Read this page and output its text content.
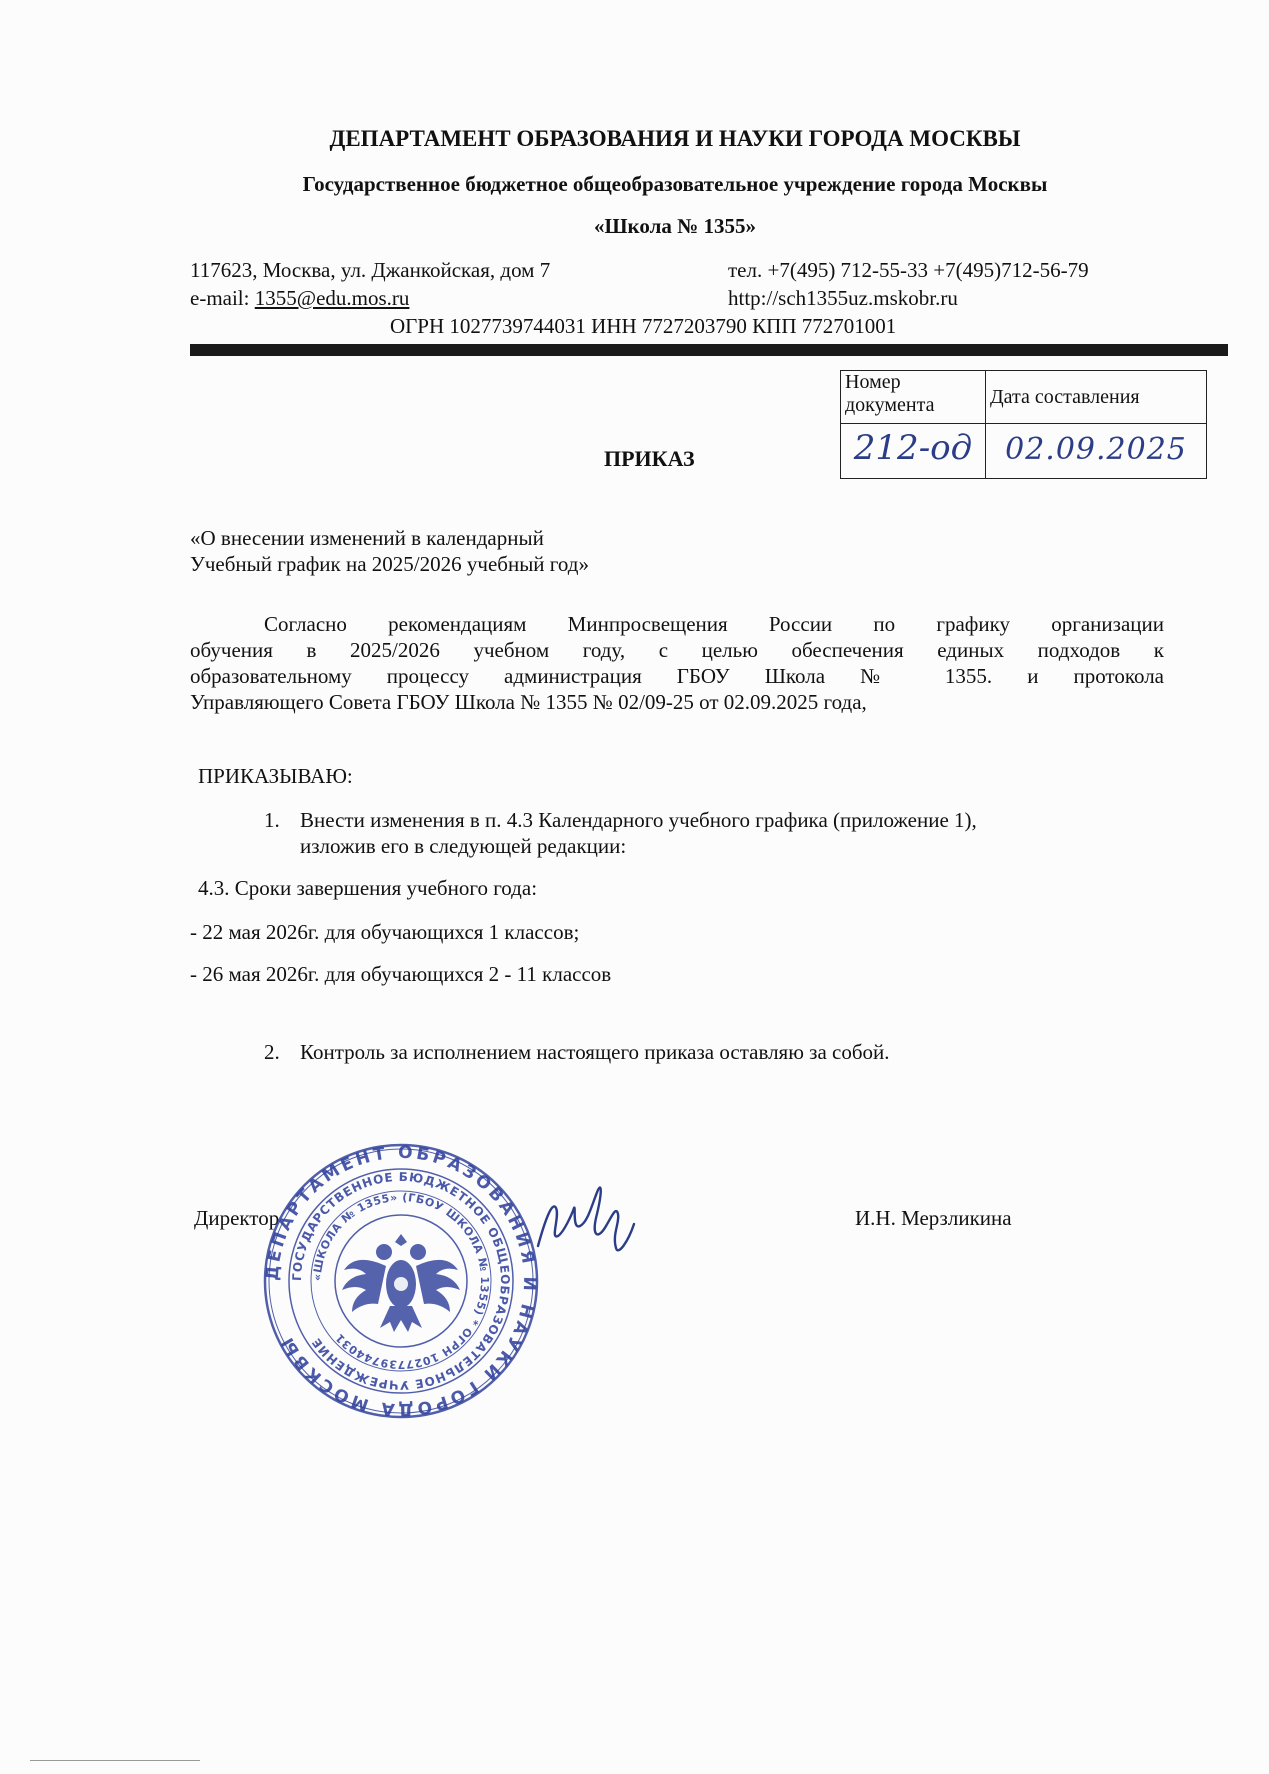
ДЕПАРТАМЕНТ ОБРАЗОВАНИЯ И НАУКИ ГОРОДА МОСКВЫ
Государственное бюджетное общеобразовательное учреждение города Москвы
«Школа № 1355»
117623, Москва, ул. Джанкойская, дом 7	тел. +7(495) 712-55-33 +7(495)712-56-79
e-mail: 1355@edu.mos.ru	http://sch1355uz.mskobr.ru
ОГРН 1027739744031 ИНН 7727203790 КПП 772701001
Номер документа	Дата составления
212-од	02.09.2025
ПРИКАЗ
«О внесении изменений в календарный
Учебный график на 2025/2026 учебный год»
Согласно рекомендациям Минпросвещения России по графику организации
обучения в 2025/2026 учебном году, с целью обеспечения единых подходов к
образовательному процессу администрация ГБОУ Школа № 1355. и протокола
Управляющего Совета ГБОУ Школа № 1355 № 02/09-25 от 02.09.2025 года,
ПРИКАЗЫВАЮ:
1. Внести изменения в п. 4.3 Календарного учебного графика (приложение 1),
изложив его в следующей редакции:
4.3. Сроки завершения учебного года:
- 22 мая 2026г. для обучающихся 1 классов;
- 26 мая 2026г. для обучающихся 2 - 11 классов
2. Контроль за исполнением настоящего приказа оставляю за собой.
Директор	И.Н. Мерзликина
ДЕПАРТАМЕНТ ОБРАЗОВАНИЯ И НАУКИ ГОРОДА МОСКВЫ
ГОСУДАРСТВЕННОЕ БЮДЖЕТНОЕ ОБЩЕОБРАЗОВАТЕЛЬНОЕ УЧРЕЖДЕНИЕ
«ШКОЛА № 1355» (ГБОУ ШКОЛА № 1355) * ОГРН 1027739744031
